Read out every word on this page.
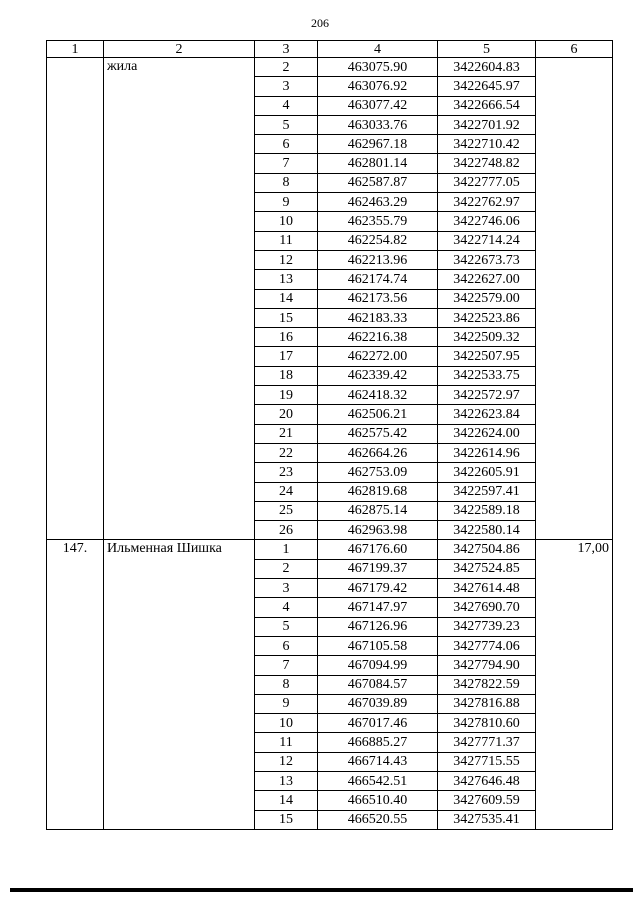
206
1	2	3	4	5	6
	жила	2	463075.90	3422604.83	
		3	463076.92	3422645.97	
		4	463077.42	3422666.54	
		5	463033.76	3422701.92	
		6	462967.18	3422710.42	
		7	462801.14	3422748.82	
		8	462587.87	3422777.05	
		9	462463.29	3422762.97	
		10	462355.79	3422746.06	
		11	462254.82	3422714.24	
		12	462213.96	3422673.73	
		13	462174.74	3422627.00	
		14	462173.56	3422579.00	
		15	462183.33	3422523.86	
		16	462216.38	3422509.32	
		17	462272.00	3422507.95	
		18	462339.42	3422533.75	
		19	462418.32	3422572.97	
		20	462506.21	3422623.84	
		21	462575.42	3422624.00	
		22	462664.26	3422614.96	
		23	462753.09	3422605.91	
		24	462819.68	3422597.41	
		25	462875.14	3422589.18	
		26	462963.98	3422580.14	
147.	Ильменная Шишка	1	467176.60	3427504.86	17,00
		2	467199.37	3427524.85	
		3	467179.42	3427614.48	
		4	467147.97	3427690.70	
		5	467126.96	3427739.23	
		6	467105.58	3427774.06	
		7	467094.99	3427794.90	
		8	467084.57	3427822.59	
		9	467039.89	3427816.88	
		10	467017.46	3427810.60	
		11	466885.27	3427771.37	
		12	466714.43	3427715.55	
		13	466542.51	3427646.48	
		14	466510.40	3427609.59	
		15	466520.55	3427535.41	
